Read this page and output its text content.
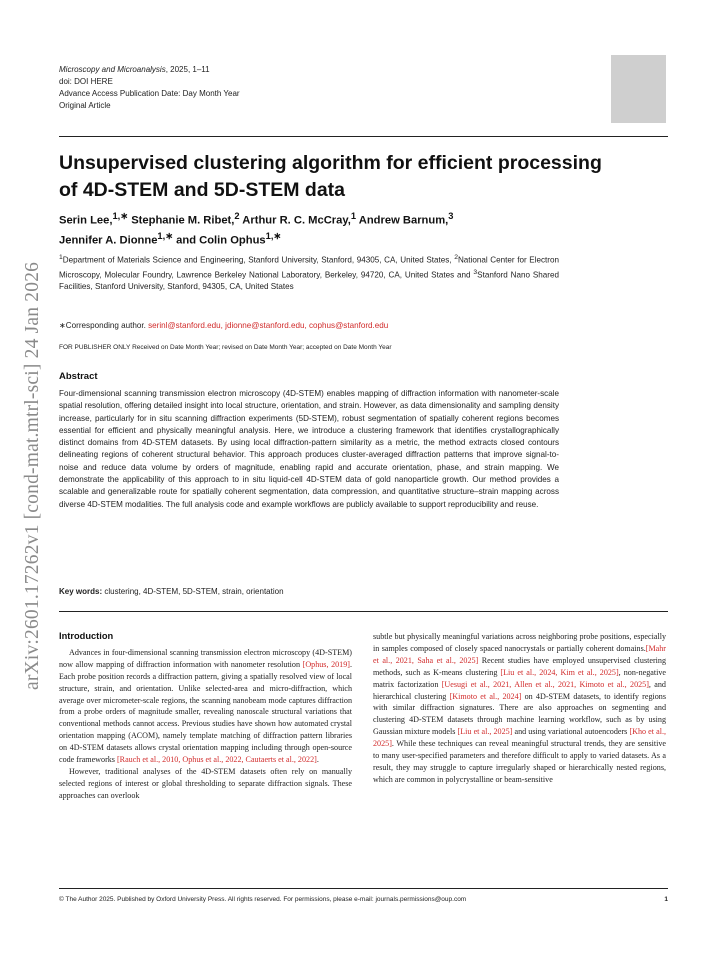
arXiv:2601.17262v1 [cond-mat.mtrl-sci] 24 Jan 2026
Microscopy and Microanalysis, 2025, 1–11
doi: DOI HERE
Advance Access Publication Date: Day Month Year
Original Article
Unsupervised clustering algorithm for efficient processing of 4D-STEM and 5D-STEM data
Serin Lee,$^{1,∗}$ Stephanie M. Ribet,$^2$ Arthur R. C. McCray,$^1$ Andrew Barnum,$^3$
Jennifer A. Dionne$^{1,∗}$ and Colin Ophus$^{1,∗}$
$^1$Department of Materials Science and Engineering, Stanford University, Stanford, 94305, CA, United States, $^2$National Center for Electron Microscopy, Molecular Foundry, Lawrence Berkeley National Laboratory, Berkeley, 94720, CA, United States and $^3$Stanford Nano Shared Facilities, Stanford University, Stanford, 94305, CA, United States
∗Corresponding author. serinl@stanford.edu, jdionne@stanford.edu, cophus@stanford.edu
FOR PUBLISHER ONLY Received on Date Month Year; revised on Date Month Year; accepted on Date Month Year
Abstract
Four-dimensional scanning transmission electron microscopy (4D-STEM) enables mapping of diffraction information with nanometer-scale spatial resolution, offering detailed insight into local structure, orientation, and strain. However, as data dimensionality and sampling density increase, particularly for in situ scanning diffraction experiments (5D-STEM), robust segmentation of spatially coherent regions becomes essential for efficient and physically meaningful analysis. Here, we introduce a clustering framework that identifies crystallographically distinct domains from 4D-STEM datasets. By using local diffraction-pattern similarity as a metric, the method extracts closed contours delineating regions of coherent structural behavior. This approach produces cluster-averaged diffraction patterns that improve signal-to-noise and reduce data volume by orders of magnitude, enabling rapid and accurate orientation, phase, and strain mapping. We demonstrate the applicability of this approach to in situ liquid-cell 4D-STEM data of gold nanoparticle growth. Our method provides a scalable and generalizable route for spatially coherent segmentation, data compression, and quantitative structure–strain mapping across diverse 4D-STEM modalities. The full analysis code and example workflows are publicly available to support reproducibility and reuse.
Key words: clustering, 4D-STEM, 5D-STEM, strain, orientation
Introduction

Advances in four-dimensional scanning transmission electron microscopy (4D-STEM) now allow mapping of diffraction information with nanometer resolution [Ophus, 2019]. Each probe position records a diffraction pattern, giving a spatially resolved view of local structure, strain, and orientation. Unlike selected-area and micro-diffraction, which average over micrometer-scale regions, the scanning nanobeam mode captures diffraction from a probe orders of magnitude smaller, revealing nanoscale structural variations that conventional methods cannot access. Previous studies have shown how automated crystal orientation mapping (ACOM), namely template matching of diffraction pattern libraries on 4D-STEM datasets allows crystal orientation mapping including through open-source code frameworks [Rauch et al., 2010, Ophus et al., 2022, Cautaerts et al., 2022].

However, traditional analyses of the 4D-STEM datasets often rely on manually selected regions of interest or global thresholding to separate diffraction signals. These approaches can overlook

subtle but physically meaningful variations across neighboring probe positions, especially in samples composed of closely spaced nanocrystals or partially coherent domains.[Mahr et al., 2021, Saha et al., 2025] Recent studies have employed unsupervised clustering methods, such as K-means clustering [Liu et al., 2024, Kim et al., 2025], non-negative matrix factorization [Uesugi et al., 2021, Allen et al., 2021, Kimoto et al., 2025], and hierarchical clustering [Kimoto et al., 2024] on 4D-STEM datasets, to identify regions with similar diffraction signatures. There are also approaches on segmenting and clustering 4D-STEM datasets through machine learning workflow, such as by using Gaussian mixture models [Liu et al., 2025] and using variational autoencoders [Kho et al., 2025]. While these techniques can reveal meaningful structural trends, they are sensitive to many user-specified parameters and therefore difficult to apply to varied datasets. As a result, they may struggle to capture irregularly shaped or hierarchically nested regions, which are common in polycrystalline or beam-sensitive

© The Author 2025. Published by Oxford University Press. All rights reserved. For permissions, please e-mail: journals.permissions@oup.com	1
